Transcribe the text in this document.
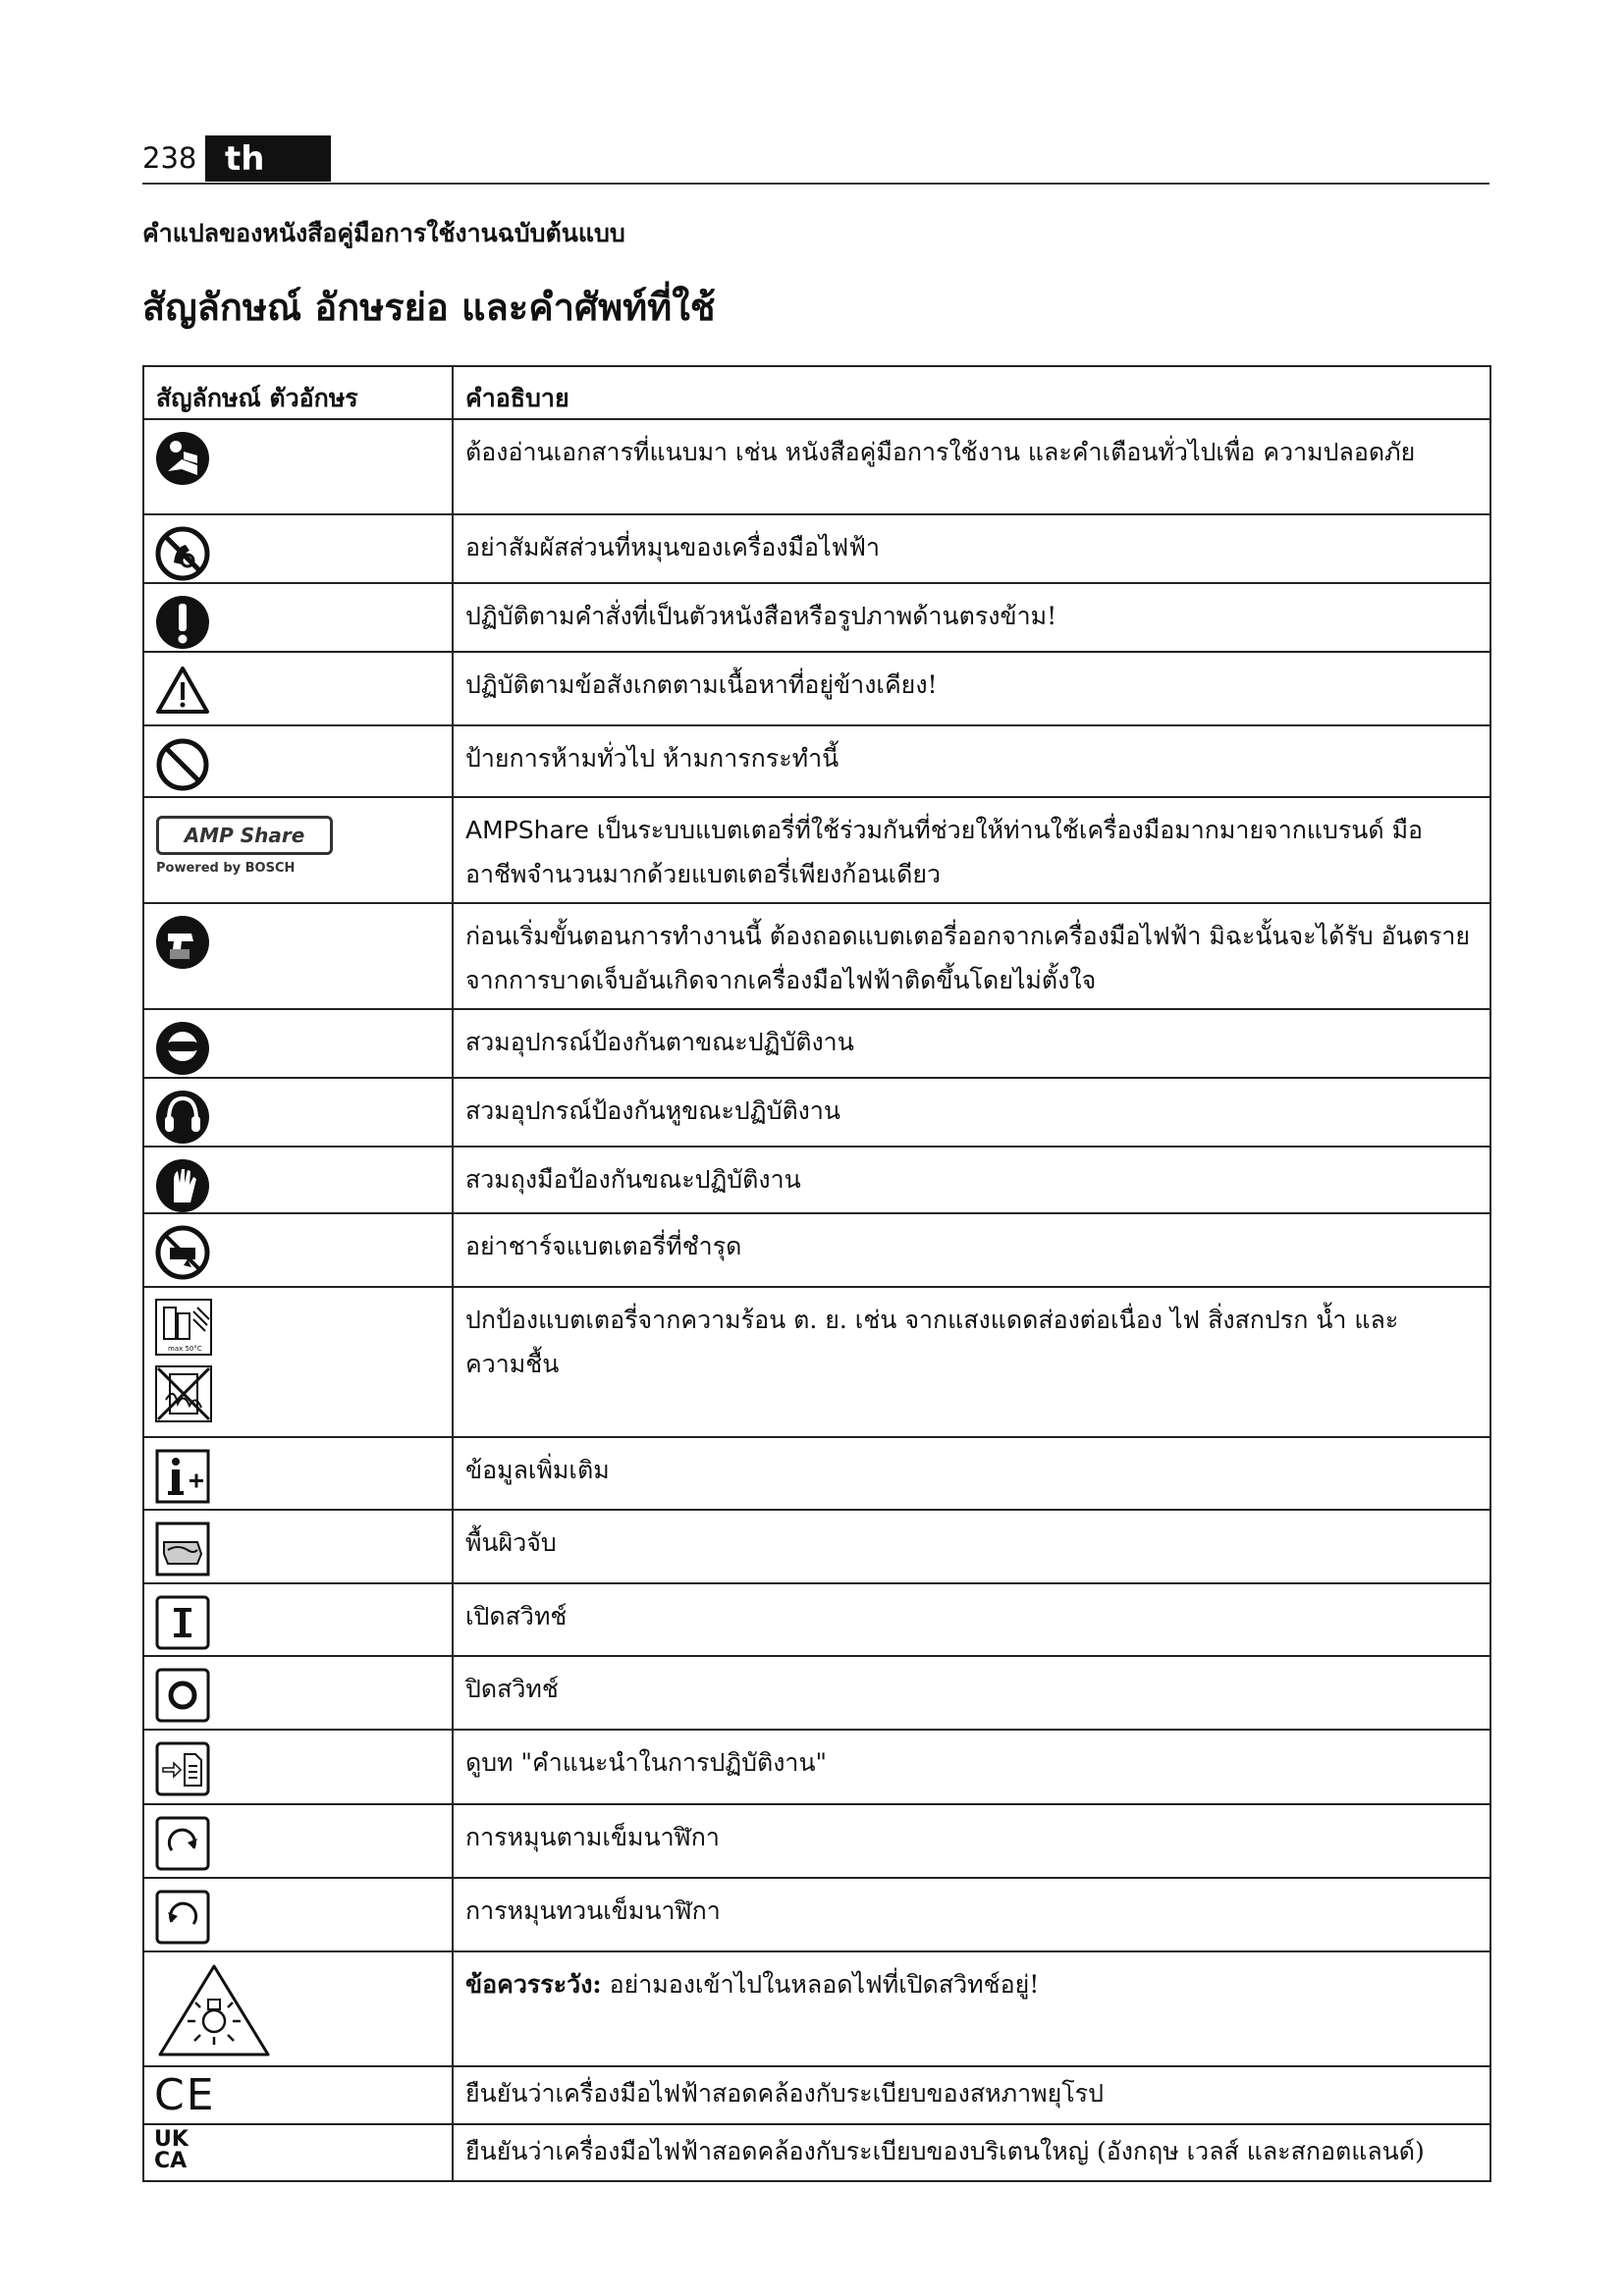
238 th
คำแปลของหนังสือคู่มือการใช้งานฉบับต้นแบบ
สัญลักษณ์ อักษรย่อ และคำศัพท์ที่ใช้
สัญลักษณ์ ตัวอักษร	คำอธิบาย

	ต้องอ่านเอกสารที่แนบมา เช่น หนังสือคู่มือการใช้งาน และคำเตือนทั่วไปเพื่อ ความปลอดภัย

	อย่าสัมผัสส่วนที่หมุนของเครื่องมือไฟฟ้า

	ปฏิบัติตามคำสั่งที่เป็นตัวหนังสือหรือรูปภาพด้านตรงข้าม!

	ปฏิบัติตามข้อสังเกตตามเนื้อหาที่อยู่ข้างเคียง!

	ป้ายการห้ามทั่วไป ห้ามการกระทำนี้

AMP Share
Powered by BOSCH	AMPShare เป็นระบบแบตเตอรี่ที่ใช้ร่วมกันที่ช่วยให้ท่านใช้เครื่องมือมากมายจากแบรนด์ มืออาชีพจำนวนมากด้วยแบตเตอรี่เพียงก้อนเดียว

	ก่อนเริ่มขั้นตอนการทำงานนี้ ต้องถอดแบตเตอรี่ออกจากเครื่องมือไฟฟ้า มิฉะนั้นจะได้รับ อันตรายจากการบาดเจ็บอันเกิดจากเครื่องมือไฟฟ้าติดขึ้นโดยไม่ตั้งใจ

	สวมอุปกรณ์ป้องกันตาขณะปฏิบัติงาน

	สวมอุปกรณ์ป้องกันหูขณะปฏิบัติงาน

	สวมถุงมือป้องกันขณะปฏิบัติงาน

	อย่าชาร์จแบตเตอรี่ที่ชำรุด

max 50°C	ปกป้องแบตเตอรี่จากความร้อน ต. ย. เช่น จากแสงแดดส่องต่อเนื่อง ไฟ สิ่งสกปรก น้ำ และ ความชื้น

	ข้อมูลเพิ่มเติม

	พื้นผิวจับ

	เปิดสวิทช์

	ปิดสวิทช์

	ดูบท "คำแนะนำในการปฏิบัติงาน"

	การหมุนตามเข็มนาฬิกา

	การหมุนทวนเข็มนาฬิกา

	ข้อควรระวัง: อย่ามองเข้าไปในหลอดไฟที่เปิดสวิทช์อยู่!

CE	ยืนยันว่าเครื่องมือไฟฟ้าสอดคล้องกับระเบียบของสหภาพยุโรป

UK
CA	ยืนยันว่าเครื่องมือไฟฟ้าสอดคล้องกับระเบียบของบริเตนใหญ่ (อังกฤษ เวลส์ และสกอตแลนด์)
